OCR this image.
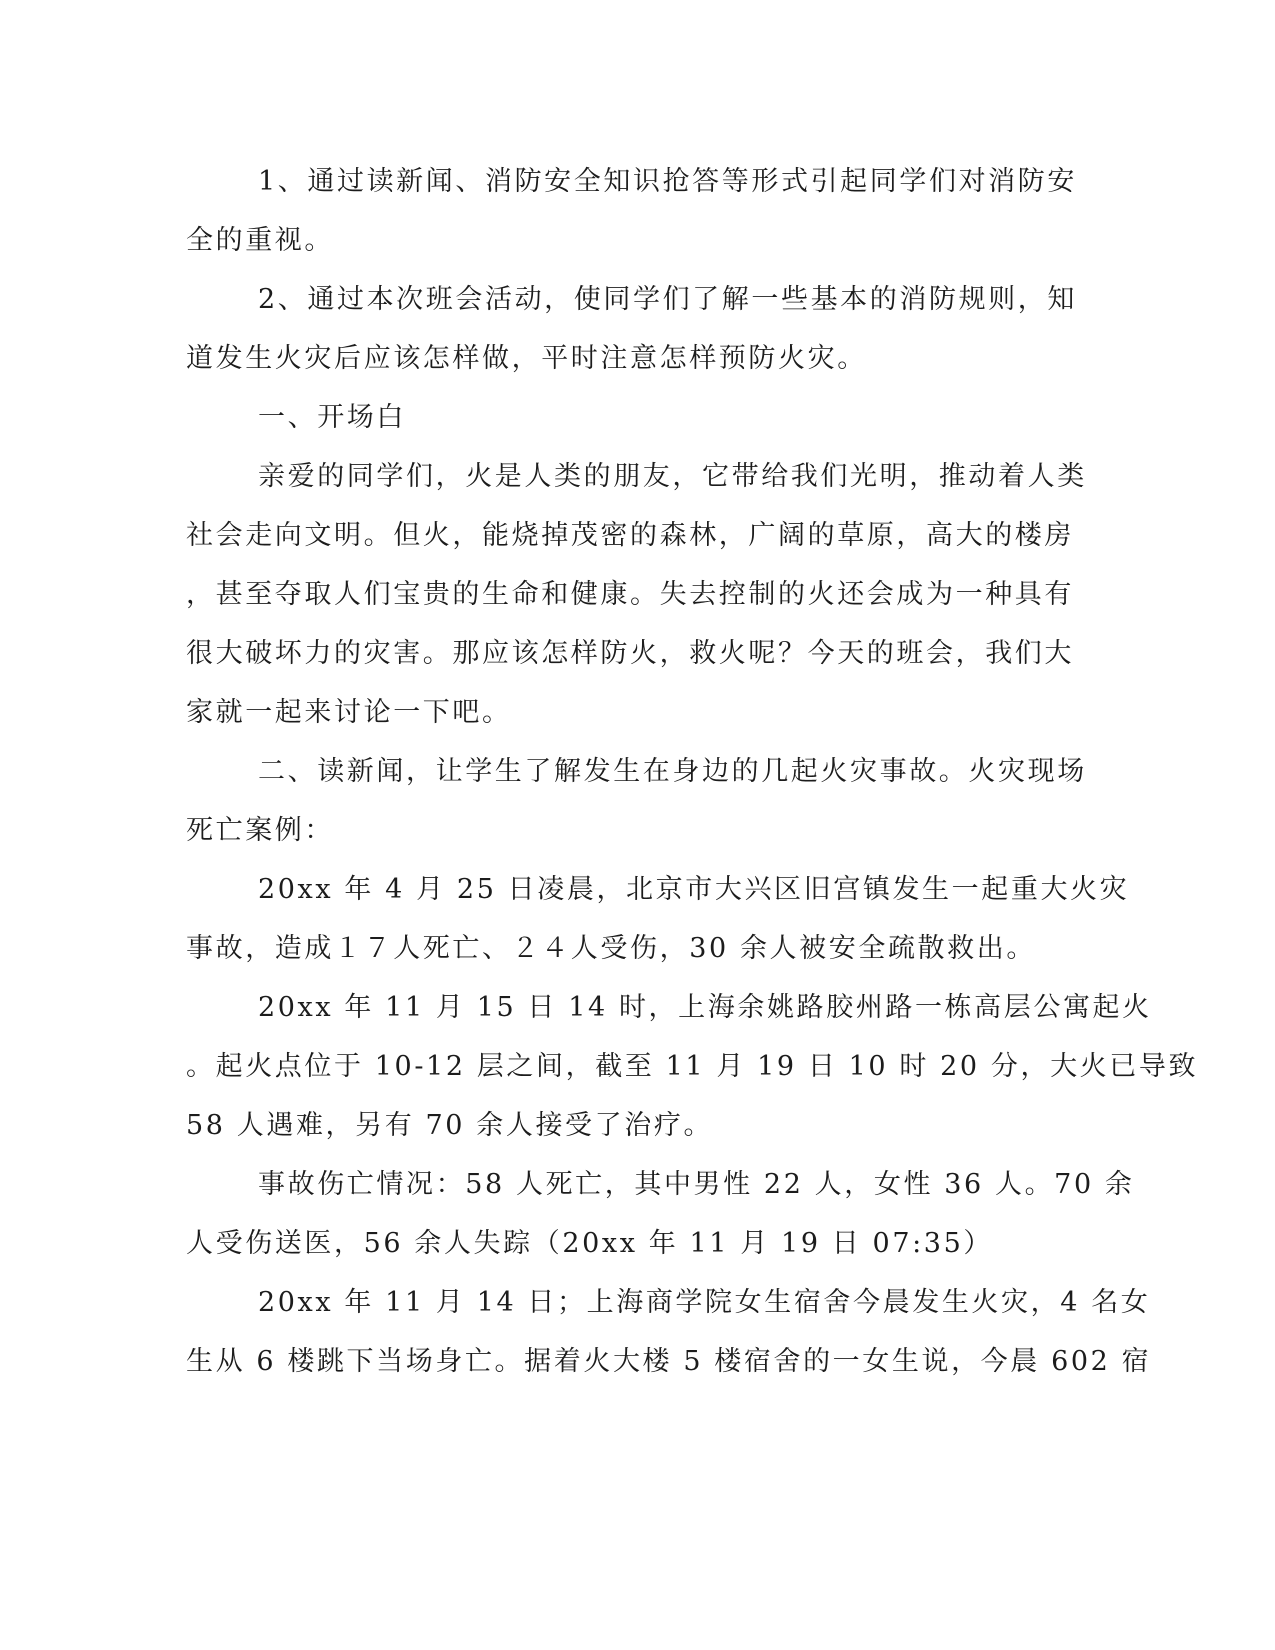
1、通过读新闻、消防安全知识抢答等形式引起同学们对消防安
全的重视。
2、通过本次班会活动，使同学们了解一些基本的消防规则，知
道发生火灾后应该怎样做，平时注意怎样预防火灾。
一、开场白
亲爱的同学们，火是人类的朋友，它带给我们光明，推动着人类
社会走向文明。但火，能烧掉茂密的森林，广阔的草原，高大的楼房
，甚至夺取人们宝贵的生命和健康。失去控制的火还会成为一种具有
很大破坏力的灾害。那应该怎样防火，救火呢？今天的班会，我们大
家就一起来讨论一下吧。
二、读新闻，让学生了解发生在身边的几起火灾事故。火灾现场
死亡案例：
20xx 年 4 月 25 日凌晨，北京市大兴区旧宫镇发生一起重大火灾
事故，造成１７人死亡、２４人受伤，30 余人被安全疏散救出。
20xx 年 11 月 15 日 14 时，上海余姚路胶州路一栋高层公寓起火
。起火点位于 10-12 层之间，截至 11 月 19 日 10 时 20 分，大火已导致
58 人遇难，另有 70 余人接受了治疗。
事故伤亡情况：58 人死亡，其中男性 22 人，女性 36 人。70 余
人受伤送医，56 余人失踪（20xx 年 11 月 19 日 07:35）
20xx 年 11 月 14 日；上海商学院女生宿舍今晨发生火灾，4 名女
生从 6 楼跳下当场身亡。据着火大楼 5 楼宿舍的一女生说，今晨 602 宿
